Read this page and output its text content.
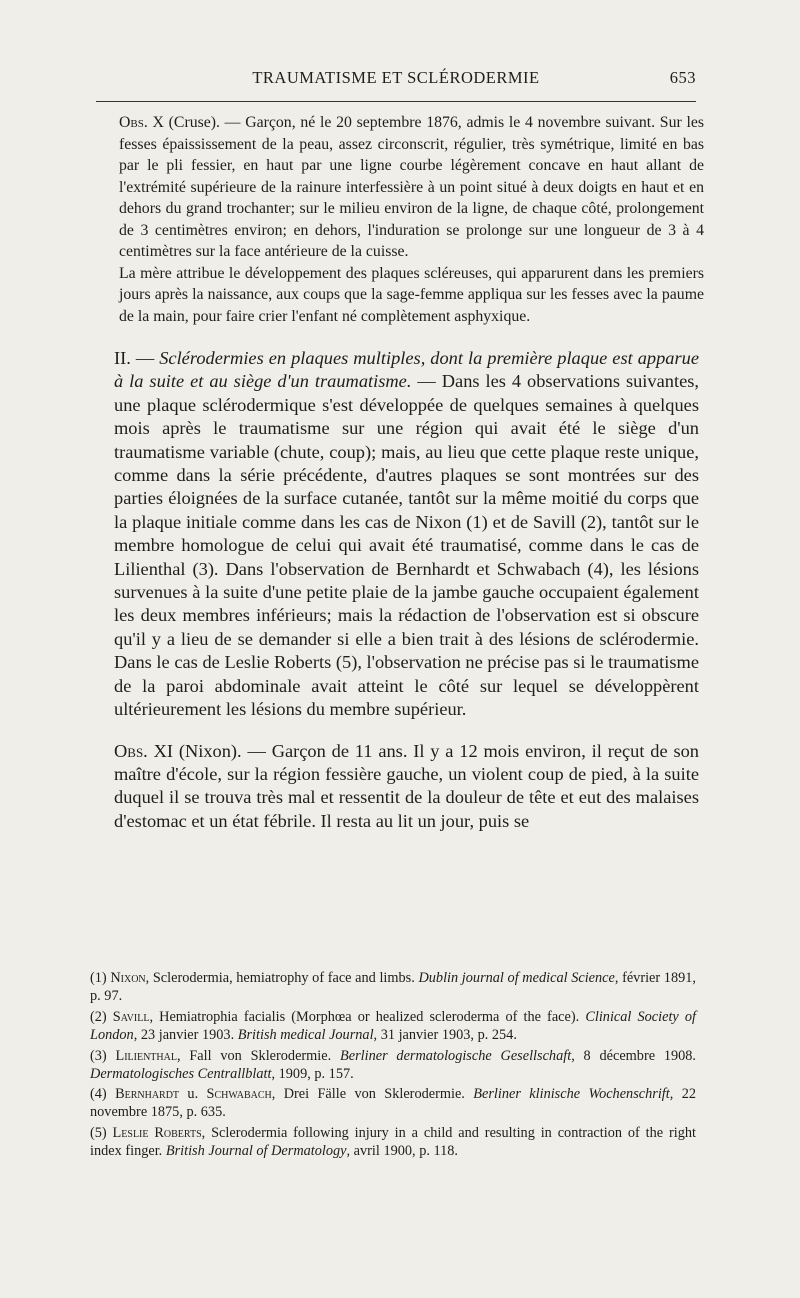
TRAUMATISME ET SCLÉRODERMIE	653

Obs. X (Cruse). — Garçon, né le 20 septembre 1876, admis le 4 novembre suivant. Sur les fesses épaississement de la peau, assez circonscrit, régulier, très symétrique, limité en bas par le pli fessier, en haut par une ligne courbe légèrement concave en haut allant de l'extrémité supérieure de la rainure interfessière à un point situé à deux doigts en haut et en dehors du grand trochanter; sur le milieu environ de la ligne, de chaque côté, prolongement de 3 centimètres environ; en dehors, l'induration se prolonge sur une longueur de 3 à 4 centimètres sur la face antérieure de la cuisse.

La mère attribue le développement des plaques scléreuses, qui apparurent dans les premiers jours après la naissance, aux coups que la sage-femme appliqua sur les fesses avec la paume de la main, pour faire crier l'enfant né complètement asphyxique.

II. — Sclérodermies en plaques multiples, dont la première plaque est apparue à la suite et au siège d'un traumatisme. — Dans les 4 observations suivantes, une plaque sclérodermique s'est développée de quelques semaines à quelques mois après le traumatisme sur une région qui avait été le siège d'un traumatisme variable (chute, coup); mais, au lieu que cette plaque reste unique, comme dans la série précédente, d'autres plaques se sont montrées sur des parties éloignées de la surface cutanée, tantôt sur la même moitié du corps que la plaque initiale comme dans les cas de Nixon (1) et de Savill (2), tantôt sur le membre homologue de celui qui avait été traumatisé, comme dans le cas de Lilienthal (3). Dans l'observation de Bernhardt et Schwabach (4), les lésions survenues à la suite d'une petite plaie de la jambe gauche occupaient également les deux membres inférieurs; mais la rédaction de l'observation est si obscure qu'il y a lieu de se demander si elle a bien trait à des lésions de sclérodermie. Dans le cas de Leslie Roberts (5), l'observation ne précise pas si le traumatisme de la paroi abdominale avait atteint le côté sur lequel se développèrent ultérieurement les lésions du membre supérieur.

Obs. XI (Nixon). — Garçon de 11 ans. Il y a 12 mois environ, il reçut de son maître d'école, sur la région fessière gauche, un violent coup de pied, à la suite duquel il se trouva très mal et ressentit de la douleur de tête et eut des malaises d'estomac et un état fébrile. Il resta au lit un jour, puis se

(1) Nixon, Sclerodermia, hemiatrophy of face and limbs. Dublin journal of medical Science, février 1891, p. 97.

(2) Savill, Hemiatrophia facialis (Morphœa or healized scleroderma of the face). Clinical Society of London, 23 janvier 1903. British medical Journal, 31 janvier 1903, p. 254.

(3) Lilienthal, Fall von Sklerodermie. Berliner dermatologische Gesellschaft, 8 décembre 1908. Dermatologisches Centrallblatt, 1909, p. 157.

(4) Bernhardt u. Schwabach, Drei Fälle von Sklerodermie. Berliner klinische Wochenschrift, 22 novembre 1875, p. 635.

(5) Leslie Roberts, Sclerodermia following injury in a child and resulting in contraction of the right index finger. British Journal of Dermatology, avril 1900, p. 118.
